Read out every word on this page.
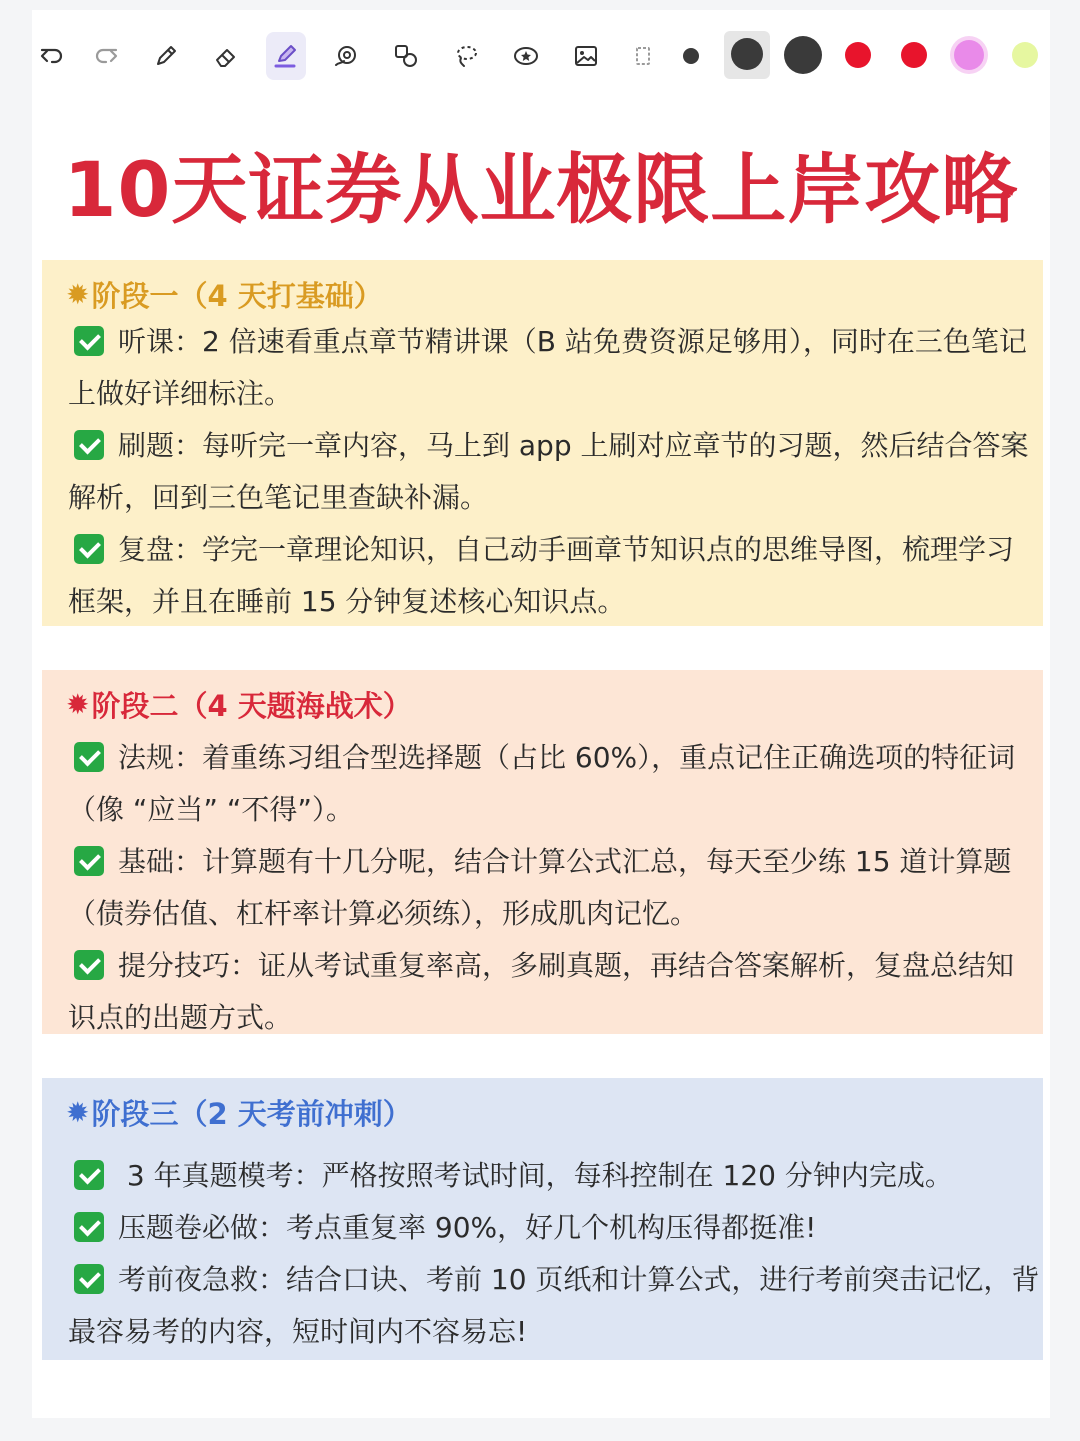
10天证券从业极限上岸攻略
✹ 阶段一（4 天打基础）
听课：2 倍速看重点章节精讲课（B 站免费资源足够用），同时在三色笔记上做好详细标注。
刷题：每听完一章内容，马上到 app 上刷对应章节的习题，然后结合答案解析，回到三色笔记里查缺补漏。
复盘：学完一章理论知识，自己动手画章节知识点的思维导图，梳理学习框架，并且在睡前 15 分钟复述核心知识点。
✹ 阶段二（4 天题海战术）
法规：着重练习组合型选择题（占比 60%），重点记住正确选项的特征词（像 “应当” “不得”）。
基础：计算题有十几分呢，结合计算公式汇总，每天至少练 15 道计算题（债券估值、杠杆率计算必须练），形成肌肉记忆。
提分技巧：证从考试重复率高，多刷真题，再结合答案解析，复盘总结知识点的出题方式。
✹ 阶段三（2 天考前冲刺）
3 年真题模考：严格按照考试时间，每科控制在 120 分钟内完成。
压题卷必做：考点重复率 90%，好几个机构压得都挺准!
考前夜急救：结合口诀、考前 10 页纸和计算公式，进行考前突击记忆，背最容易考的内容，短时间内不容易忘!
